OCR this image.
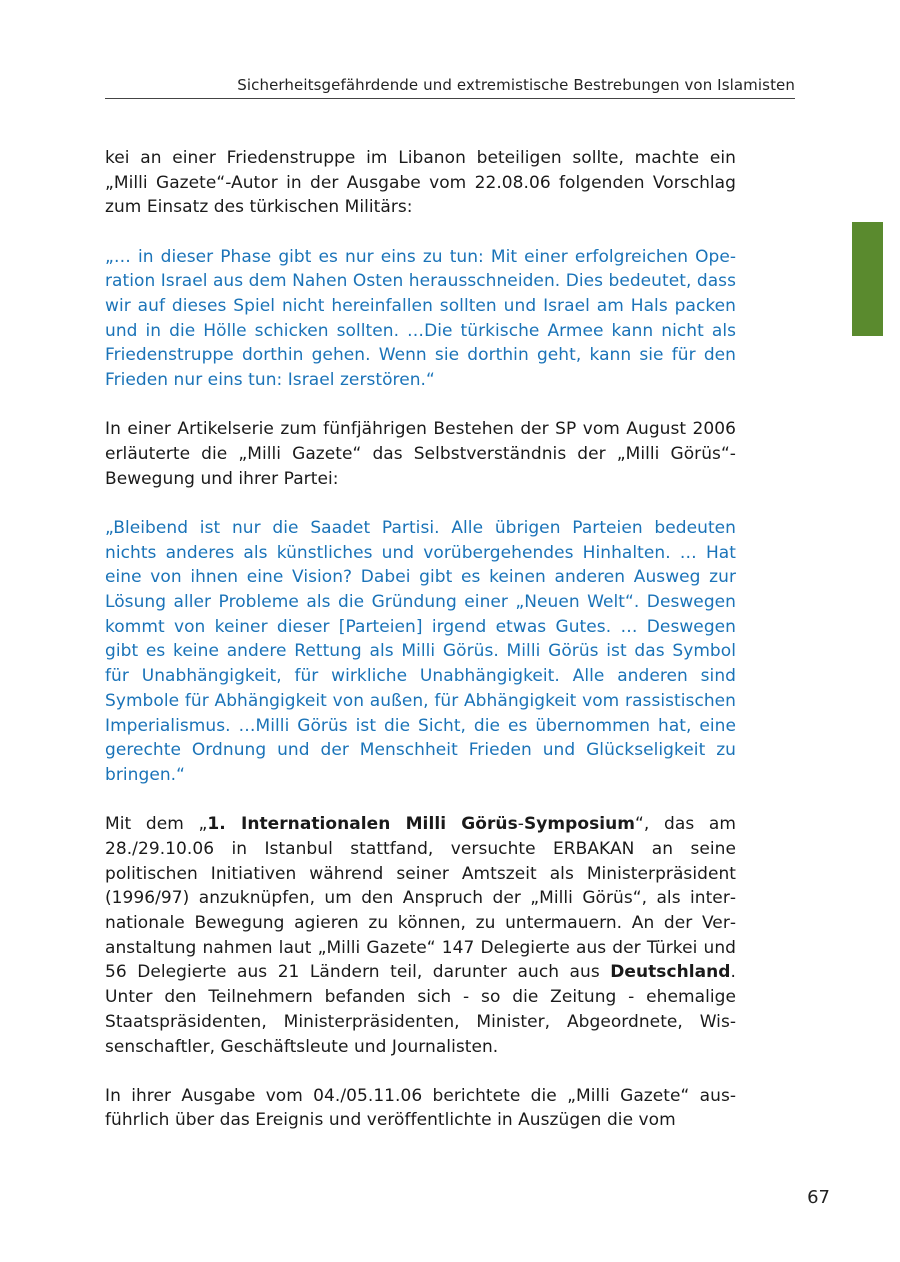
Sicherheitsgefährdende und extremistische Bestrebungen von Islamisten

kei an einer Friedenstruppe im Libanon beteiligen sollte, machte ein „Milli Gazete“-Autor in der Ausgabe vom 22.08.06 folgenden Vorschlag zum Einsatz des türkischen Militärs:

„… in dieser Phase gibt es nur eins zu tun: Mit einer erfolgreichen Operation Israel aus dem Nahen Osten herausschneiden. Dies bedeutet, dass wir auf dieses Spiel nicht hereinfallen sollten und Israel am Hals packen und in die Hölle schicken sollten. …Die türkische Armee kann nicht als Friedenstruppe dorthin gehen. Wenn sie dorthin geht, kann sie für den Frieden nur eins tun: Israel zerstören.“

In einer Artikelserie zum fünfjährigen Bestehen der SP vom August 2006 erläuterte die „Milli Gazete“ das Selbstverständnis der „Milli Görüs“-Bewegung und ihrer Partei:

„Bleibend ist nur die Saadet Partisi. Alle übrigen Parteien bedeuten nichts anderes als künstliches und vorübergehendes Hinhalten. … Hat eine von ihnen eine Vision? Dabei gibt es keinen anderen Ausweg zur Lösung aller Probleme als die Gründung einer „Neuen Welt“. Deswegen kommt von keiner dieser [Parteien] irgend etwas Gutes. … Deswegen gibt es keine andere Rettung als Milli Görüs. Milli Görüs ist das Symbol für Unabhängigkeit, für wirkliche Unabhängigkeit. Alle anderen sind Symbole für Abhängigkeit von außen, für Abhängigkeit vom rassistischen Imperialismus. …Milli Görüs ist die Sicht, die es übernommen hat, eine gerechte Ordnung und der Menschheit Frieden und Glückseligkeit zu bringen.“

Mit dem „1. Internationalen Milli Görüs-Symposium“, das am 28./29.10.06 in Istanbul stattfand, versuchte ERBAKAN an seine politischen Initiativen während seiner Amtszeit als Ministerpräsident (1996/97) anzuknüpfen, um den Anspruch der „Milli Görüs“, als internationale Bewegung agieren zu können, zu untermauern. An der Veranstaltung nahmen laut „Milli Gazete“ 147 Delegierte aus der Türkei und 56 Delegierte aus 21 Ländern teil, darunter auch aus Deutschland. Unter den Teilnehmern befanden sich - so die Zeitung - ehemalige Staatspräsidenten, Ministerpräsidenten, Minister, Abgeordnete, Wissenschaftler, Geschäftsleute und Journalisten.

In ihrer Ausgabe vom 04./05.11.06 berichtete die „Milli Gazete“ ausführlich über das Ereignis und veröffentlichte in Auszügen die vom

67
